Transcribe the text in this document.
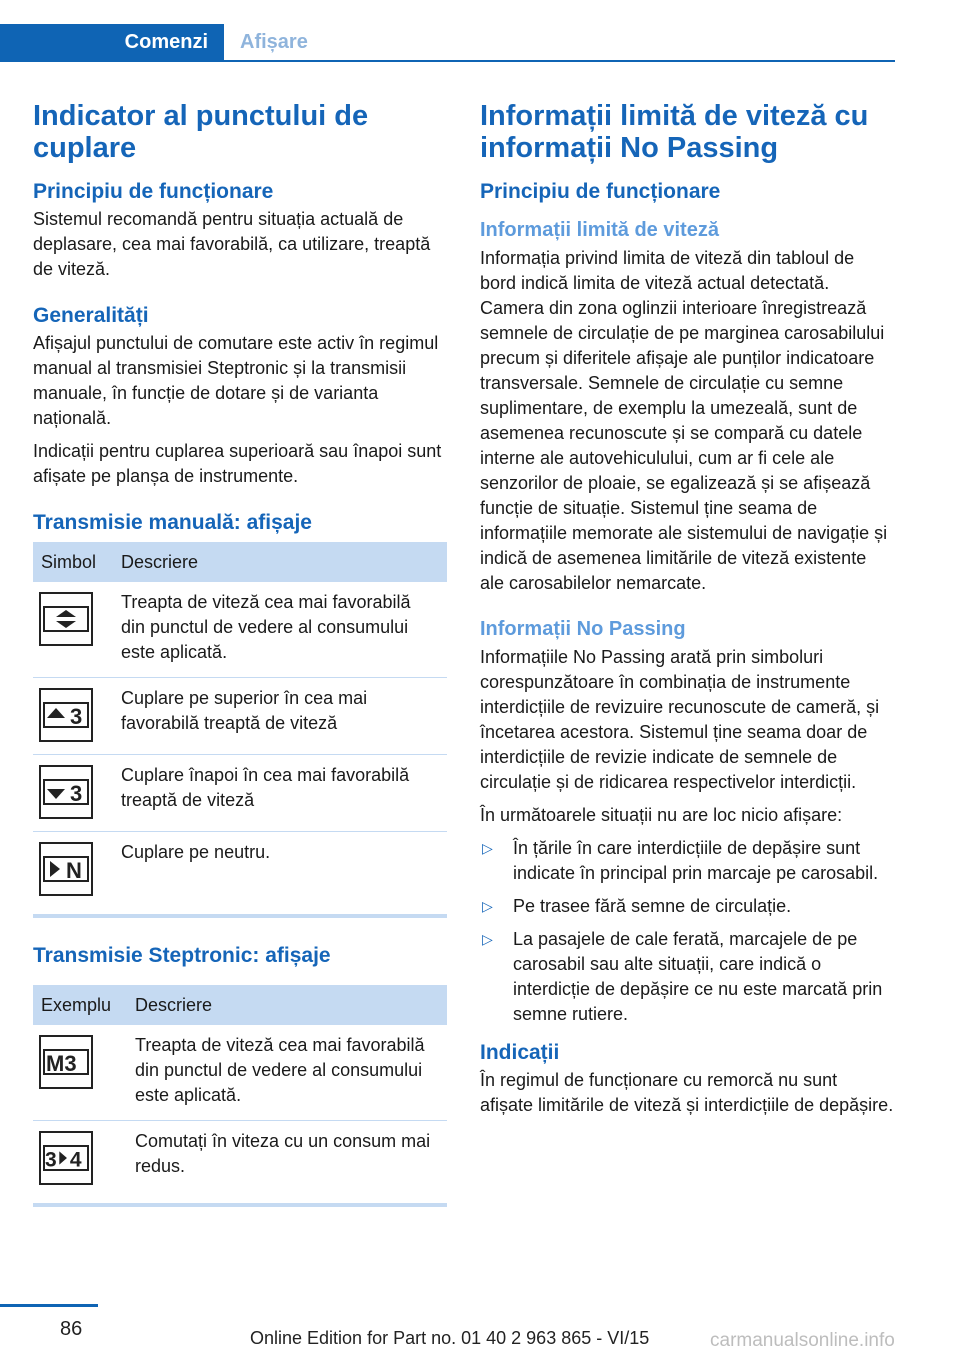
Comenzi	Afișare
Indicator al punctului de cuplare
Principiu de funcționare

Sistemul recomandă pentru situația actuală de deplasare, cea mai favorabilă, ca utilizare, treaptă de viteză.

Generalități

Afișajul punctului de comutare este activ în regimul manual al transmisiei Steptronic și la transmisii manuale, în funcție de dotare și de varianta națională.

Indicații pentru cuplarea superioară sau înapoi sunt afișate pe planșa de instrumente.

Transmisie manuală: afișaje
Simbol	Descriere

	Treapta de viteză cea mai favorabilă din punctul de vedere al consumului este aplicată.

3	Cuplare pe superior în cea mai favorabilă treaptă de viteză

3	Cuplare înapoi în cea mai favorabilă treaptă de viteză

N	Cuplare pe neutru.
Transmisie Steptronic: afișaje
Exemplu	Descriere

M3	Treapta de viteză cea mai favorabilă din punctul de vedere al consumului este aplicată.

3 4	Comutați în viteza cu un consum mai redus.
Informații limită de viteză cu informații No Passing
Principiu de funcționare
Informații limită de viteză

Informația privind limita de viteză din tabloul de bord indică limita de viteză actual detectată. Camera din zona oglinzii interioare înregistrează semnele de circulație de pe marginea carosabilului precum și diferitele afișaje ale punților indicatoare transversale. Semnele de circulație cu semne suplimentare, de exemplu la umezeală, sunt de asemenea recunoscute și se compară cu datele interne ale autovehiculului, cum ar fi cele ale senzorilor de ploaie, se egalizează și se afișează funcție de situație. Sistemul ține seama de informațiile memorate ale sistemului de navigație și indică de asemenea limitările de viteză existente ale carosabilelor nemarcate.

Informații No Passing

Informațiile No Passing arată prin simboluri corespunzătoare în combinația de instrumente interdicțiile de revizuire recunoscute de cameră, și încetarea acestora. Sistemul ține seama doar de interdicțiile de revizie indicate de semnele de circulație și de ridicarea respectivelor interdicții.

În următoarele situații nu are loc nicio afișare:

▷ În țările în care interdicțiile de depășire sunt indicate în principal prin marcaje pe carosabil.
▷ Pe trasee fără semne de circulație.
▷ La pasajele de cale ferată, marcajele de pe carosabil sau alte situații, care indică o interdicție de depășire ce nu este marcată prin semne rutiere.
Indicații

În regimul de funcționare cu remorcă nu sunt afișate limitările de viteză și interdicțiile de depășire.

86	Online Edition for Part no. 01 40 2 963 865 - VI/15	carmanualsonline.info
